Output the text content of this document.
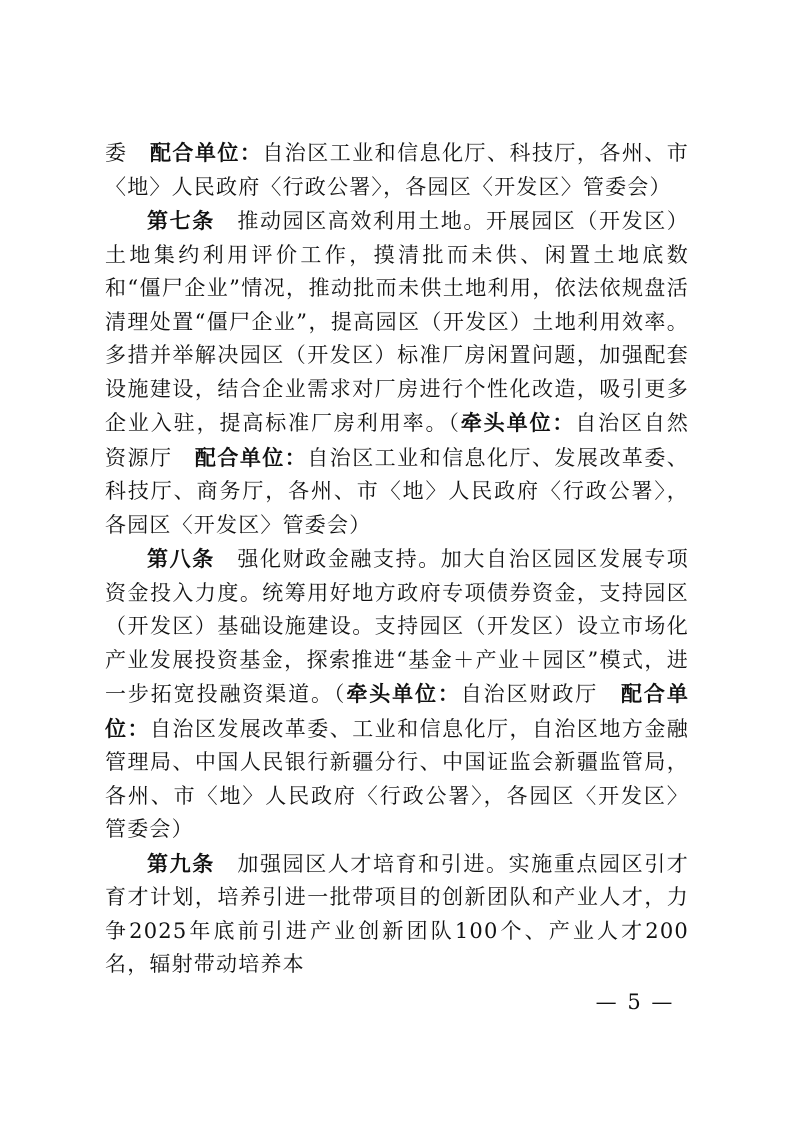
委　配合单位：自治区工业和信息化厅、科技厅，各州、市〈地〉人民政府〈行政公署〉，各园区〈开发区〉管委会）

第七条　推动园区高效利用土地。开展园区（开发区）土地集约利用评价工作，摸清批而未供、闲置土地底数和“僵尸企业”情况，推动批而未供土地利用，依法依规盘活清理处置“僵尸企业”，提高园区（开发区）土地利用效率。多措并举解决园区（开发区）标准厂房闲置问题，加强配套设施建设，结合企业需求对厂房进行个性化改造，吸引更多企业入驻，提高标准厂房利用率。（牵头单位：自治区自然资源厅　配合单位：自治区工业和信息化厅、发展改革委、科技厅、商务厅，各州、市〈地〉人民政府〈行政公署〉，各园区〈开发区〉管委会）

第八条　强化财政金融支持。加大自治区园区发展专项资金投入力度。统筹用好地方政府专项债券资金，支持园区（开发区）基础设施建设。支持园区（开发区）设立市场化产业发展投资基金，探索推进“基金＋产业＋园区”模式，进一步拓宽投融资渠道。（牵头单位：自治区财政厅　配合单位：自治区发展改革委、工业和信息化厅，自治区地方金融管理局、中国人民银行新疆分行、中国证监会新疆监管局，各州、市〈地〉人民政府〈行政公署〉，各园区〈开发区〉管委会）

第九条　加强园区人才培育和引进。实施重点园区引才育才计划，培养引进一批带项目的创新团队和产业人才，力争2025年底前引进产业创新团队100个、产业人才200名，辐射带动培养本

— 5 —
